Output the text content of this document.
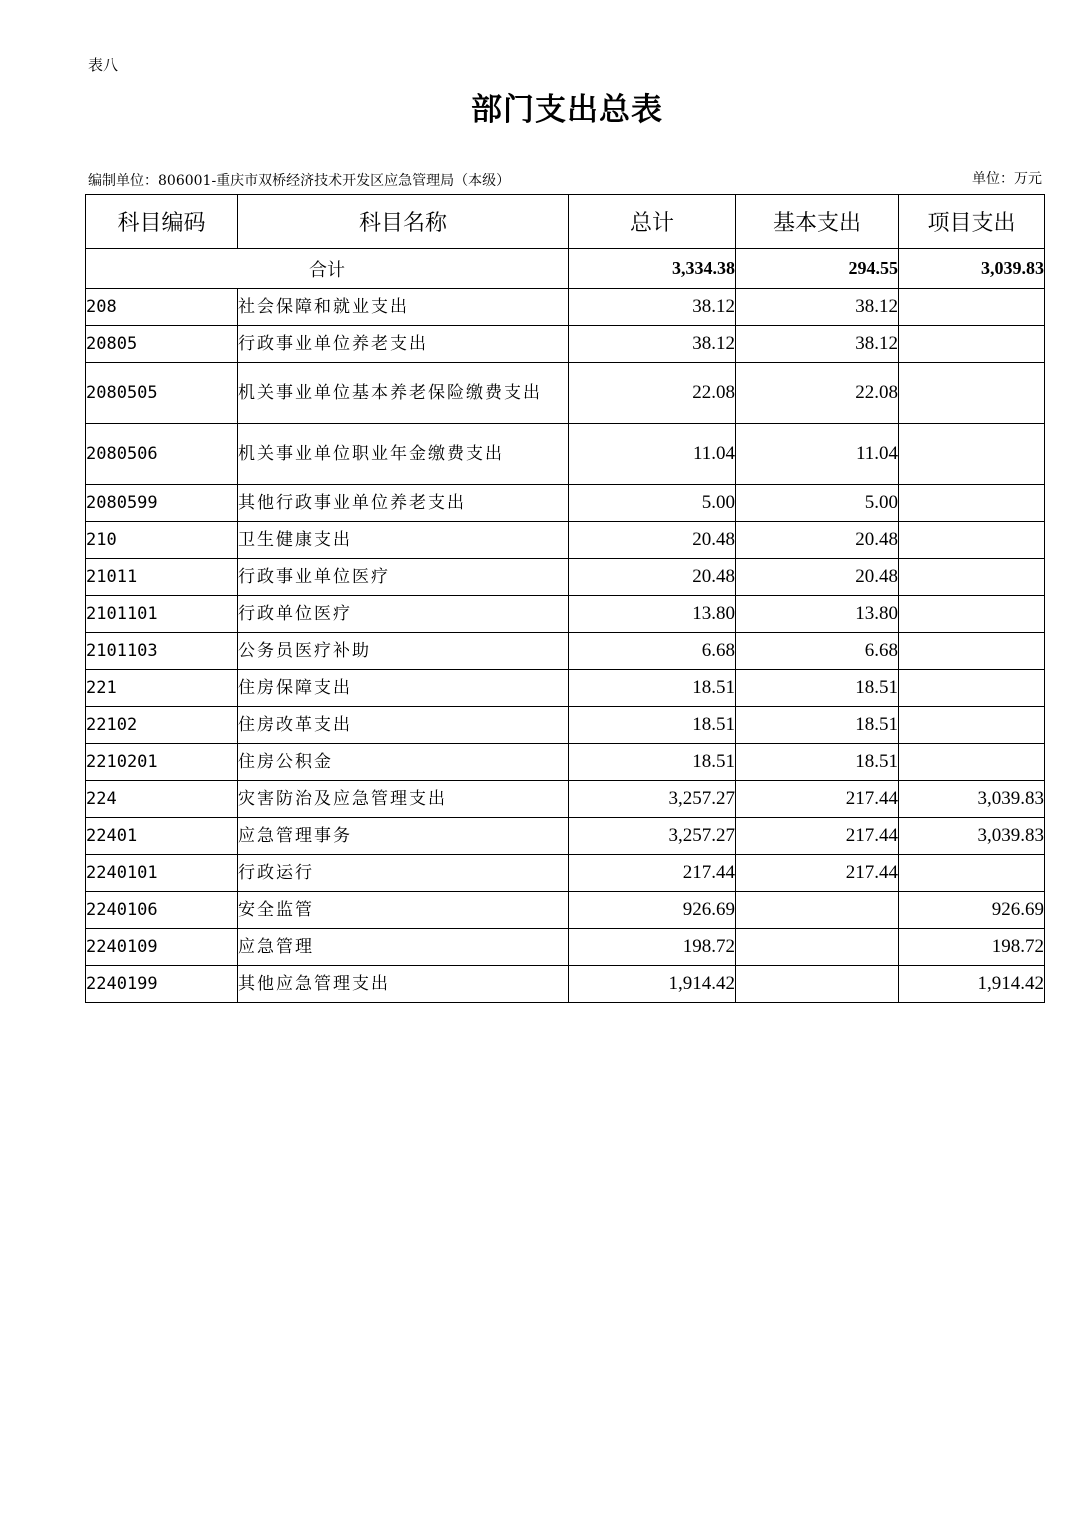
表八
部门支出总表
编制单位：806001-重庆市双桥经济技术开发区应急管理局（本级）	单位：万元
科目编码	科目名称	总计	基本支出	项目支出
合计		3,334.38	294.55	3,039.83
208	社会保障和就业支出	38.12	38.12	
20805	行政事业单位养老支出	38.12	38.12	
2080505	机关事业单位基本养老保险缴费支出	22.08	22.08	
2080506	机关事业单位职业年金缴费支出	11.04	11.04	
2080599	其他行政事业单位养老支出	5.00	5.00	
210	卫生健康支出	20.48	20.48	
21011	行政事业单位医疗	20.48	20.48	
2101101	行政单位医疗	13.80	13.80	
2101103	公务员医疗补助	6.68	6.68	
221	住房保障支出	18.51	18.51	
22102	住房改革支出	18.51	18.51	
2210201	住房公积金	18.51	18.51	
224	灾害防治及应急管理支出	3,257.27	217.44	3,039.83
22401	应急管理事务	3,257.27	217.44	3,039.83
2240101	行政运行	217.44	217.44	
2240106	安全监管	926.69		926.69
2240109	应急管理	198.72		198.72
2240199	其他应急管理支出	1,914.42		1,914.42
